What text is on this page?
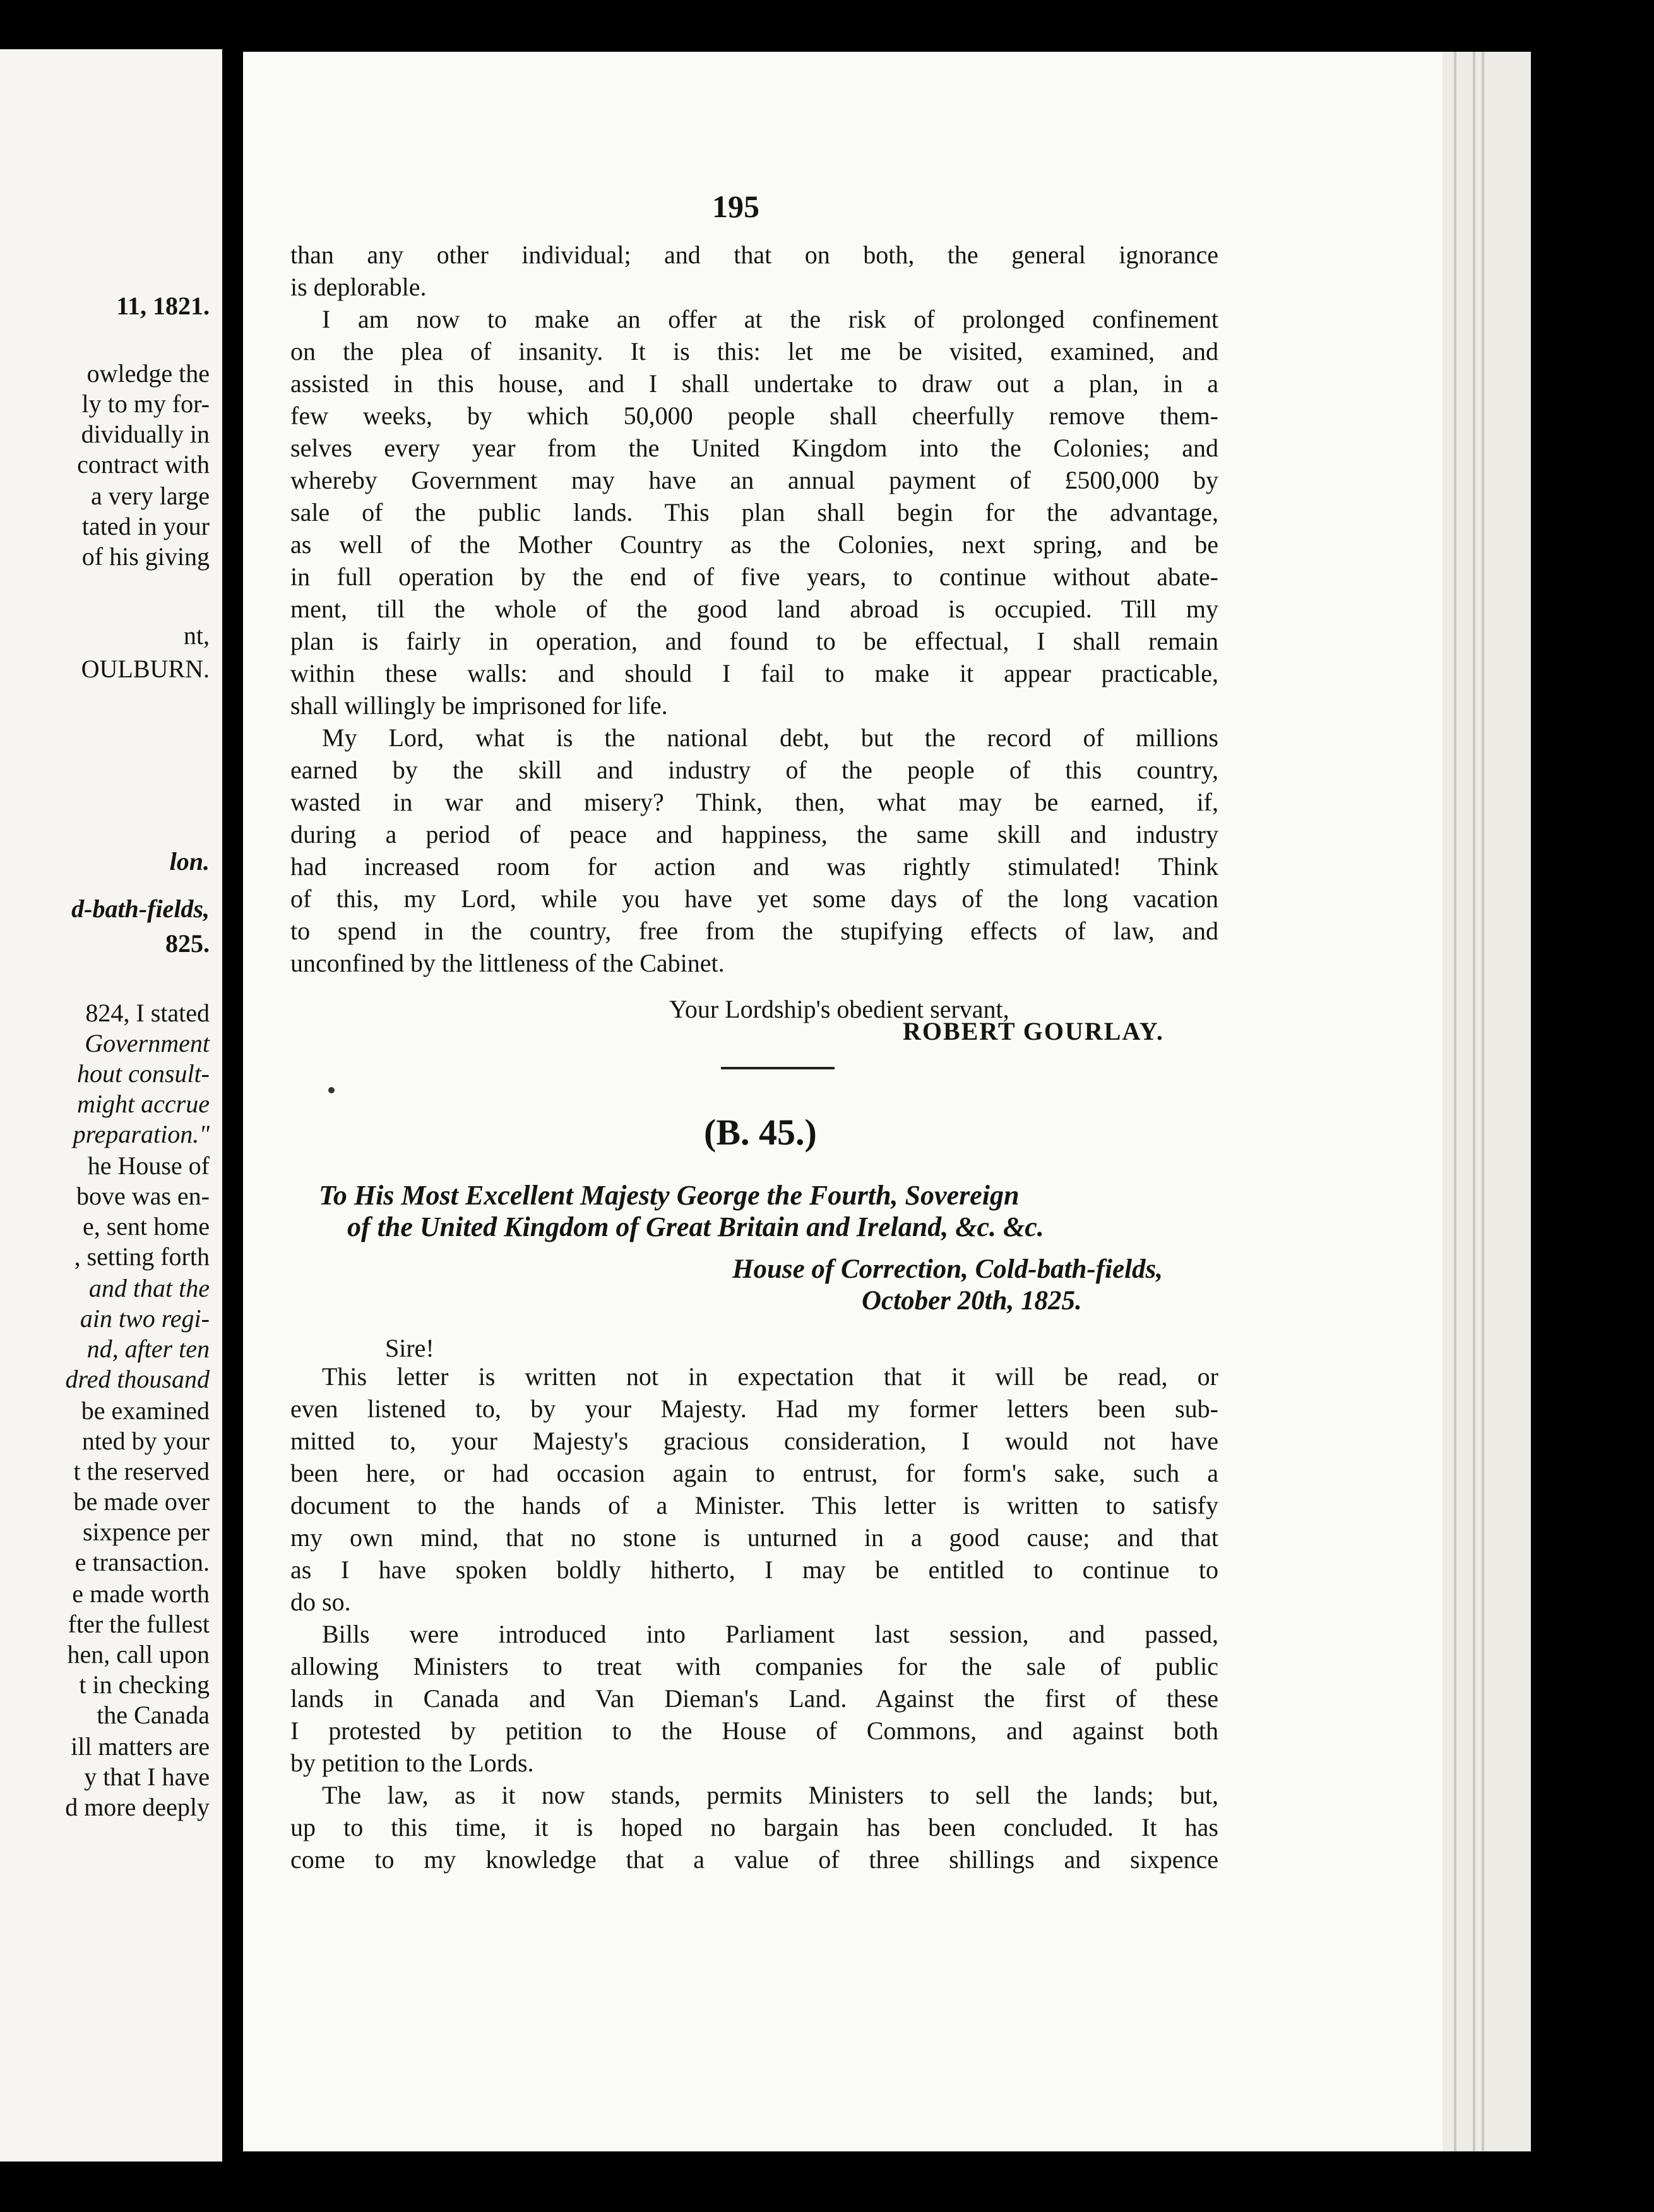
11, 1821.
owledge the
ly to my for-
dividually in
contract with
a very large
tated in your
of his giving
nt,
OULBURN.
lon.
d-bath-fields,
825.
824, I stated
Government
hout consult-
might accrue
preparation."
he House of
bove was en-
e, sent home
, setting forth
and that the
ain two regi-
nd, after ten
dred thousand
be examined
nted by your
t the reserved
be made over
sixpence per
e transaction.
e made worth
fter the fullest
hen, call upon
t in checking
the Canada
ill matters are
y that I have
d more deeply
195
than any other individual; and that on both, the general ignorance
is deplorable.
I am now to make an offer at the risk of prolonged confinement
on the plea of insanity. It is this: let me be visited, examined, and
assisted in this house, and I shall undertake to draw out a plan, in a
few weeks, by which 50,000 people shall cheerfully remove them-
selves every year from the United Kingdom into the Colonies; and
whereby Government may have an annual payment of £500,000 by
sale of the public lands. This plan shall begin for the advantage,
as well of the Mother Country as the Colonies, next spring, and be
in full operation by the end of five years, to continue without abate-
ment, till the whole of the good land abroad is occupied. Till my
plan is fairly in operation, and found to be effectual, I shall remain
within these walls: and should I fail to make it appear practicable,
shall willingly be imprisoned for life.
My Lord, what is the national debt, but the record of millions
earned by the skill and industry of the people of this country,
wasted in war and misery? Think, then, what may be earned, if,
during a period of peace and happiness, the same skill and industry
had increased room for action and was rightly stimulated! Think
of this, my Lord, while you have yet some days of the long vacation
to spend in the country, free from the stupifying effects of law, and
unconfined by the littleness of the Cabinet.
Your Lordship's obedient servant,
ROBERT GOURLAY.
(B. 45.)
To His Most Excellent Majesty George the Fourth, Sovereign
of the United Kingdom of Great Britain and Ireland, &c. &c.
House of Correction, Cold-bath-fields,
October 20th, 1825.
Sire!
This letter is written not in expectation that it will be read, or
even listened to, by your Majesty. Had my former letters been sub-
mitted to, your Majesty's gracious consideration, I would not have
been here, or had occasion again to entrust, for form's sake, such a
document to the hands of a Minister. This letter is written to satisfy
my own mind, that no stone is unturned in a good cause; and that
as I have spoken boldly hitherto, I may be entitled to continue to
do so.
Bills were introduced into Parliament last session, and passed,
allowing Ministers to treat with companies for the sale of public
lands in Canada and Van Dieman's Land. Against the first of these
I protested by petition to the House of Commons, and against both
by petition to the Lords.
The law, as it now stands, permits Ministers to sell the lands; but,
up to this time, it is hoped no bargain has been concluded. It has
come to my knowledge that a value of three shillings and sixpence
